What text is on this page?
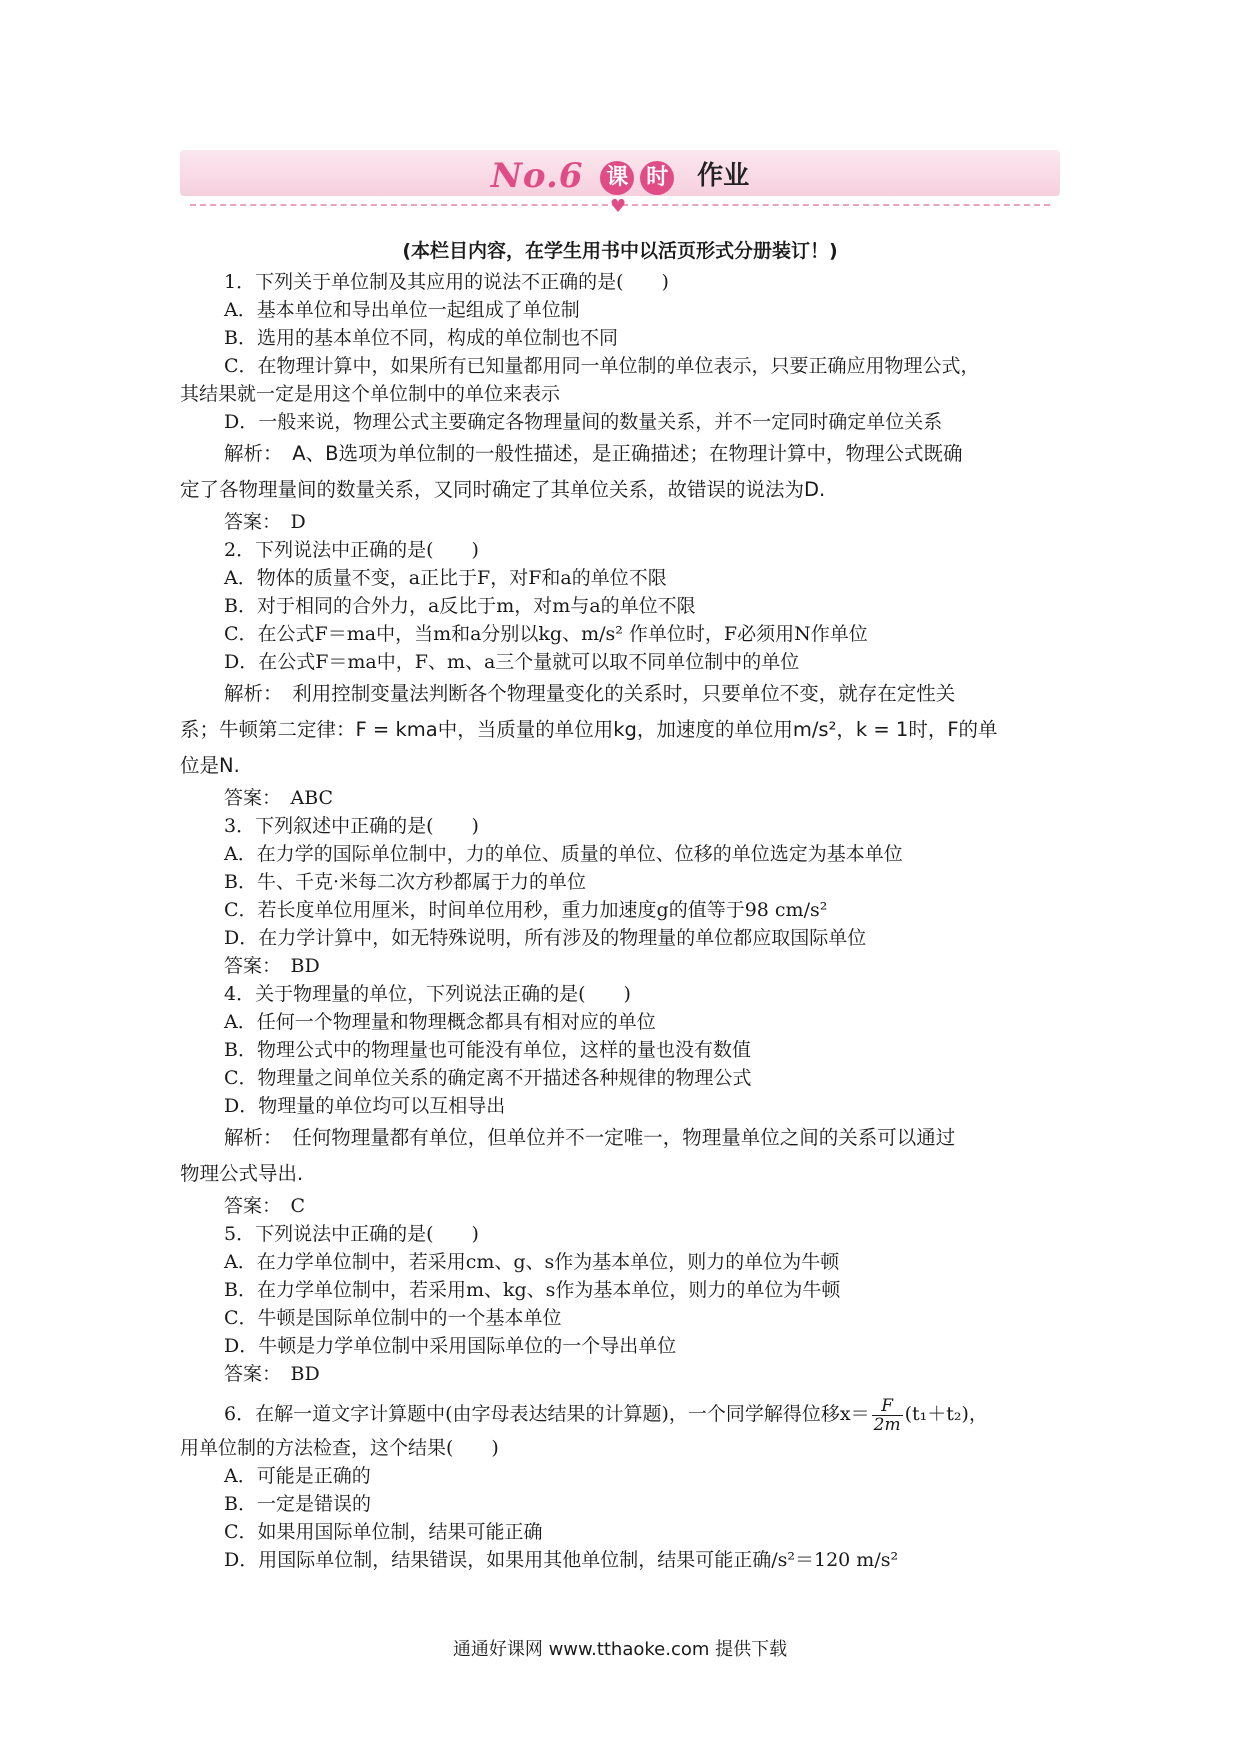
No.6 课 时 作业
♥
(本栏目内容，在学生用书中以活页形式分册装订！)
1．下列关于单位制及其应用的说法不正确的是(　　)
A．基本单位和导出单位一起组成了单位制
B．选用的基本单位不同，构成的单位制也不同
C．在物理计算中，如果所有已知量都用同一单位制的单位表示，只要正确应用物理公式，
其结果就一定是用这个单位制中的单位来表示
D．一般来说，物理公式主要确定各物理量间的数量关系，并不一定同时确定单位关系
解析：　A、B选项为单位制的一般性描述，是正确描述；在物理计算中，物理公式既确
定了各物理量间的数量关系，又同时确定了其单位关系，故错误的说法为D.
答案：　D
2．下列说法中正确的是(　　)
A．物体的质量不变，a正比于F，对F和a的单位不限
B．对于相同的合外力，a反比于m，对m与a的单位不限
C．在公式F＝ma中，当m和a分别以kg、m/s² 作单位时，F必须用N作单位
D．在公式F＝ma中，F、m、a三个量就可以取不同单位制中的单位
解析：　利用控制变量法判断各个物理量变化的关系时，只要单位不变，就存在定性关
系；牛顿第二定律：F = kma中，当质量的单位用kg，加速度的单位用m/s²，k = 1时，F的单
位是N.
答案：　ABC
3．下列叙述中正确的是(　　)
A．在力学的国际单位制中，力的单位、质量的单位、位移的单位选定为基本单位
B．牛、千克·米每二次方秒都属于力的单位
C．若长度单位用厘米，时间单位用秒，重力加速度g的值等于98 cm/s²
D．在力学计算中，如无特殊说明，所有涉及的物理量的单位都应取国际单位
答案：　BD
4．关于物理量的单位，下列说法正确的是(　　)
A．任何一个物理量和物理概念都具有相对应的单位
B．物理公式中的物理量也可能没有单位，这样的量也没有数值
C．物理量之间单位关系的确定离不开描述各种规律的物理公式
D．物理量的单位均可以互相导出
解析：　任何物理量都有单位，但单位并不一定唯一，物理量单位之间的关系可以通过
物理公式导出.
答案：　C
5．下列说法中正确的是(　　)
A．在力学单位制中，若采用cm、g、s作为基本单位，则力的单位为牛顿
B．在力学单位制中，若采用m、kg、s作为基本单位，则力的单位为牛顿
C．牛顿是国际单位制中的一个基本单位
D．牛顿是力学单位制中采用国际单位的一个导出单位
答案：　BD
6．在解一道文字计算题中(由字母表达结果的计算题)，一个同学解得位移$x= \frac{F}{2m} (t_1+t_2)$，
用单位制的方法检查，这个结果(　　)
A．可能是正确的
B．一定是错误的
C．如果用国际单位制，结果可能正确
D．用国际单位制，结果错误，如果用其他单位制，结果可能正确/s²＝120 m/s²
通通好课网 www.tthaoke.com 提供下载
